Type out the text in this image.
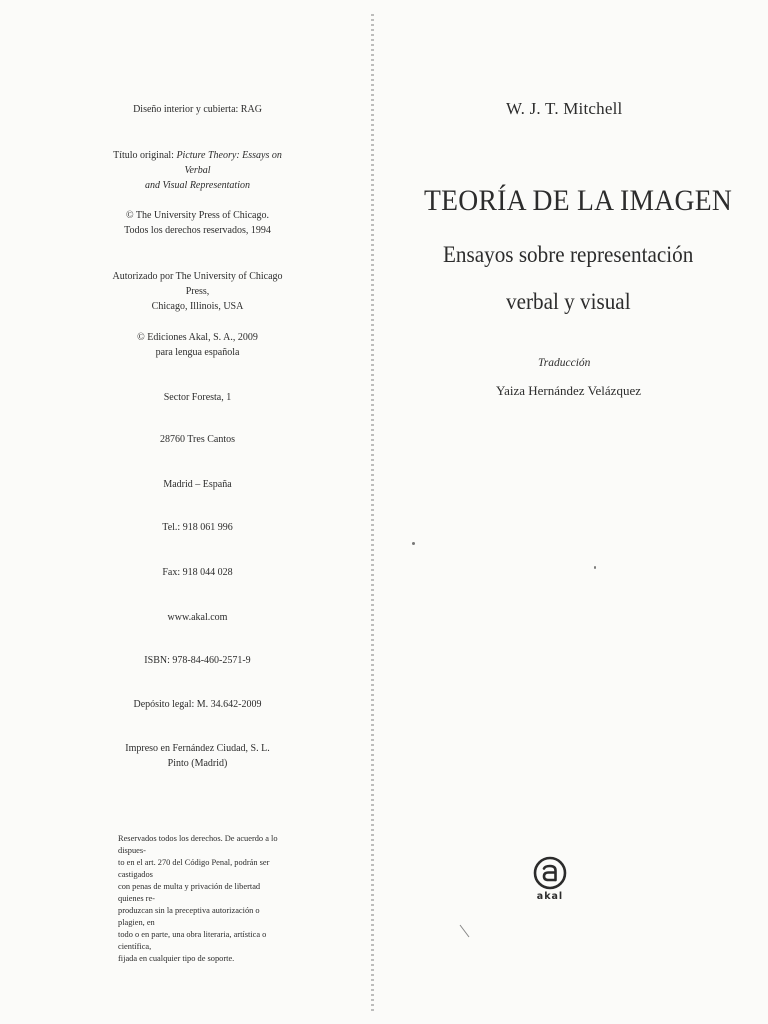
Diseño interior y cubierta: RAG
Título original: Picture Theory: Essays on Verbal
and Visual Representation
© The University Press of Chicago.
Todos los derechos reservados, 1994
Autorizado por The University of Chicago Press,
Chicago, Illinois, USA
© Ediciones Akal, S. A., 2009
para lengua española
Sector Foresta, 1
28760 Tres Cantos
Madrid – España
Tel.: 918 061 996
Fax: 918 044 028
www.akal.com
ISBN: 978-84-460-2571-9
Depósito legal: M. 34.642-2009
Impreso en Fernández Ciudad, S. L.
Pinto (Madrid)
Reservados todos los derechos. De acuerdo a lo dispues-
to en el art. 270 del Código Penal, podrán ser castigados
con penas de multa y privación de libertad quienes re-
produzcan sin la preceptiva autorización o plagien, en
todo o en parte, una obra literaria, artística o científica,
fijada en cualquier tipo de soporte.
W. J. T. Mitchell
TEORÍA DE LA IMAGEN
Ensayos sobre representación
verbal y visual
Traducción
Yaiza Hernández Velázquez
akal
